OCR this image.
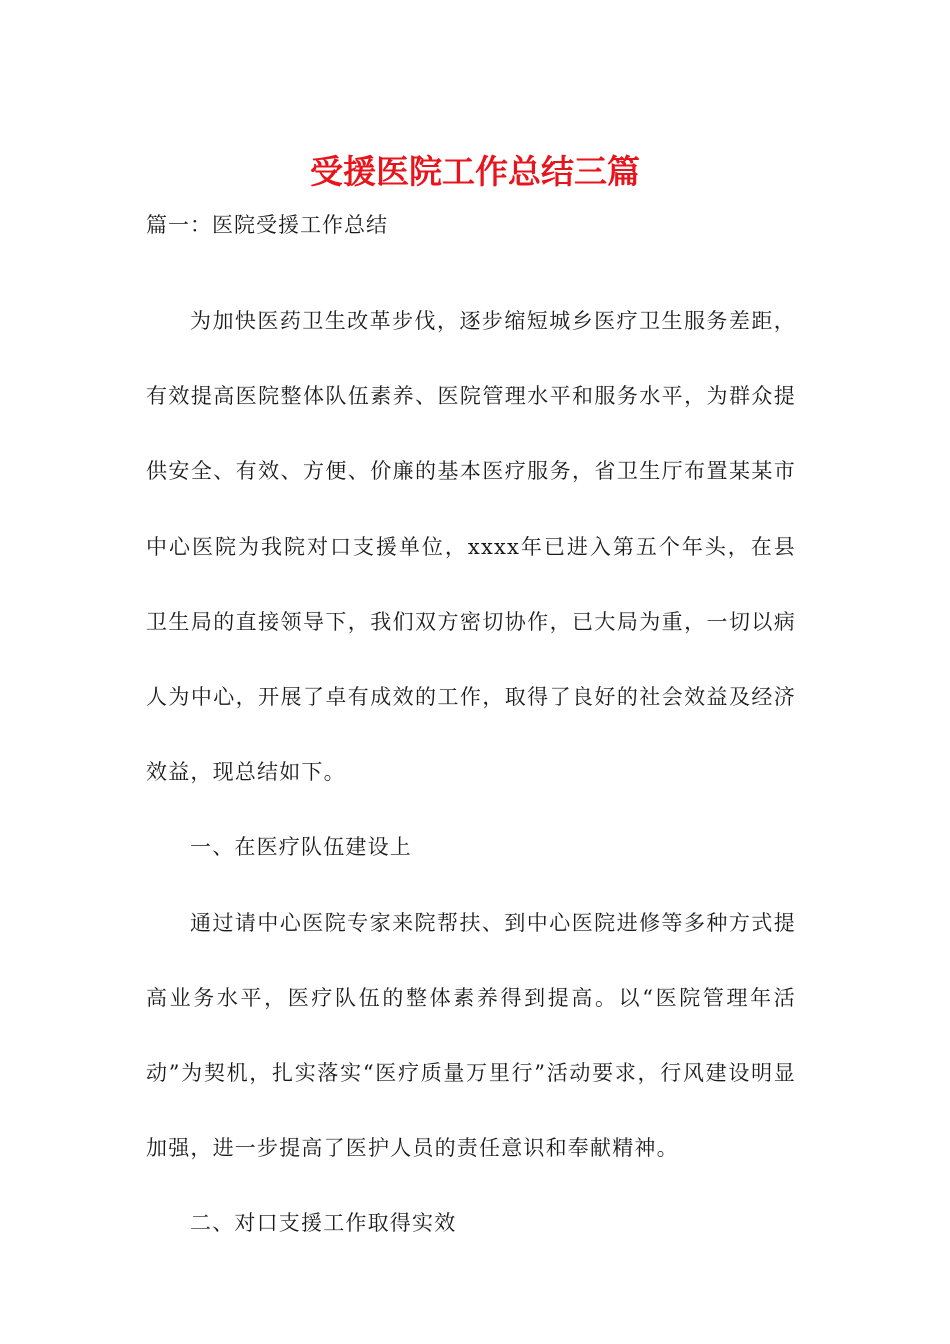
受援医院工作总结三篇

篇一：医院受援工作总结

为加快医药卫生改革步伐，逐步缩短城乡医疗卫生服务差距，有效提高医院整体队伍素养、医院管理水平和服务水平，为群众提供安全、有效、方便、价廉的基本医疗服务，省卫生厅布置某某市中心医院为我院对口支援单位，xxxx年已进入第五个年头，在县卫生局的直接领导下，我们双方密切协作，已大局为重，一切以病人为中心，开展了卓有成效的工作，取得了良好的社会效益及经济效益，现总结如下。

一、在医疗队伍建设上

通过请中心医院专家来院帮扶、到中心医院进修等多种方式提高业务水平，医疗队伍的整体素养得到提高。以“医院管理年活动”为契机，扎实落实“医疗质量万里行”活动要求，行风建设明显加强，进一步提高了医护人员的责任意识和奉献精神。

二、对口支援工作取得实效
